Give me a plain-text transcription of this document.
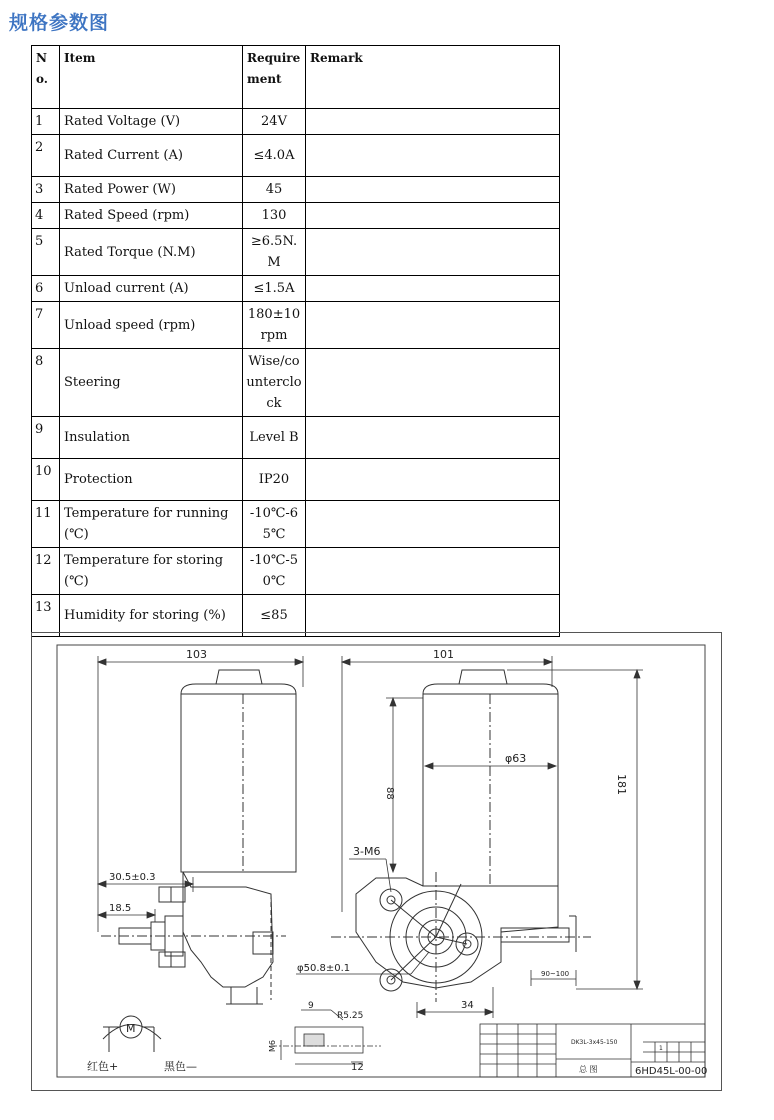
规格参数图
No.	Item	Requirement	Remark
1	Rated Voltage (V)	24V	
2	Rated Current (A)	≤4.0A	
3	Rated Power (W)	45	
4	Rated Speed (rpm)	130	
5	Rated Torque (N.M)	≥6.5N.M	
6	Unload current (A)	≤1.5A	
7	Unload speed (rpm)	180±10rpm	
8	Steering	Wise/counterclock	
9	Insulation	Level B	
10	Protection	IP20	
11	Temperature for running (℃)	-10℃-65℃	
12	Temperature for storing (℃)	-10℃-50℃	
13	Humidity for storing (%)	≤85	
103
30.5±0.3
18.5
101
88	181
φ63
3-M6
φ50.8±0.1
34
90~100
9
R5.25
12
M6
M
红色+	黑色—
DK3L-3x45-150
总 图
1
6HD45L-00-00
